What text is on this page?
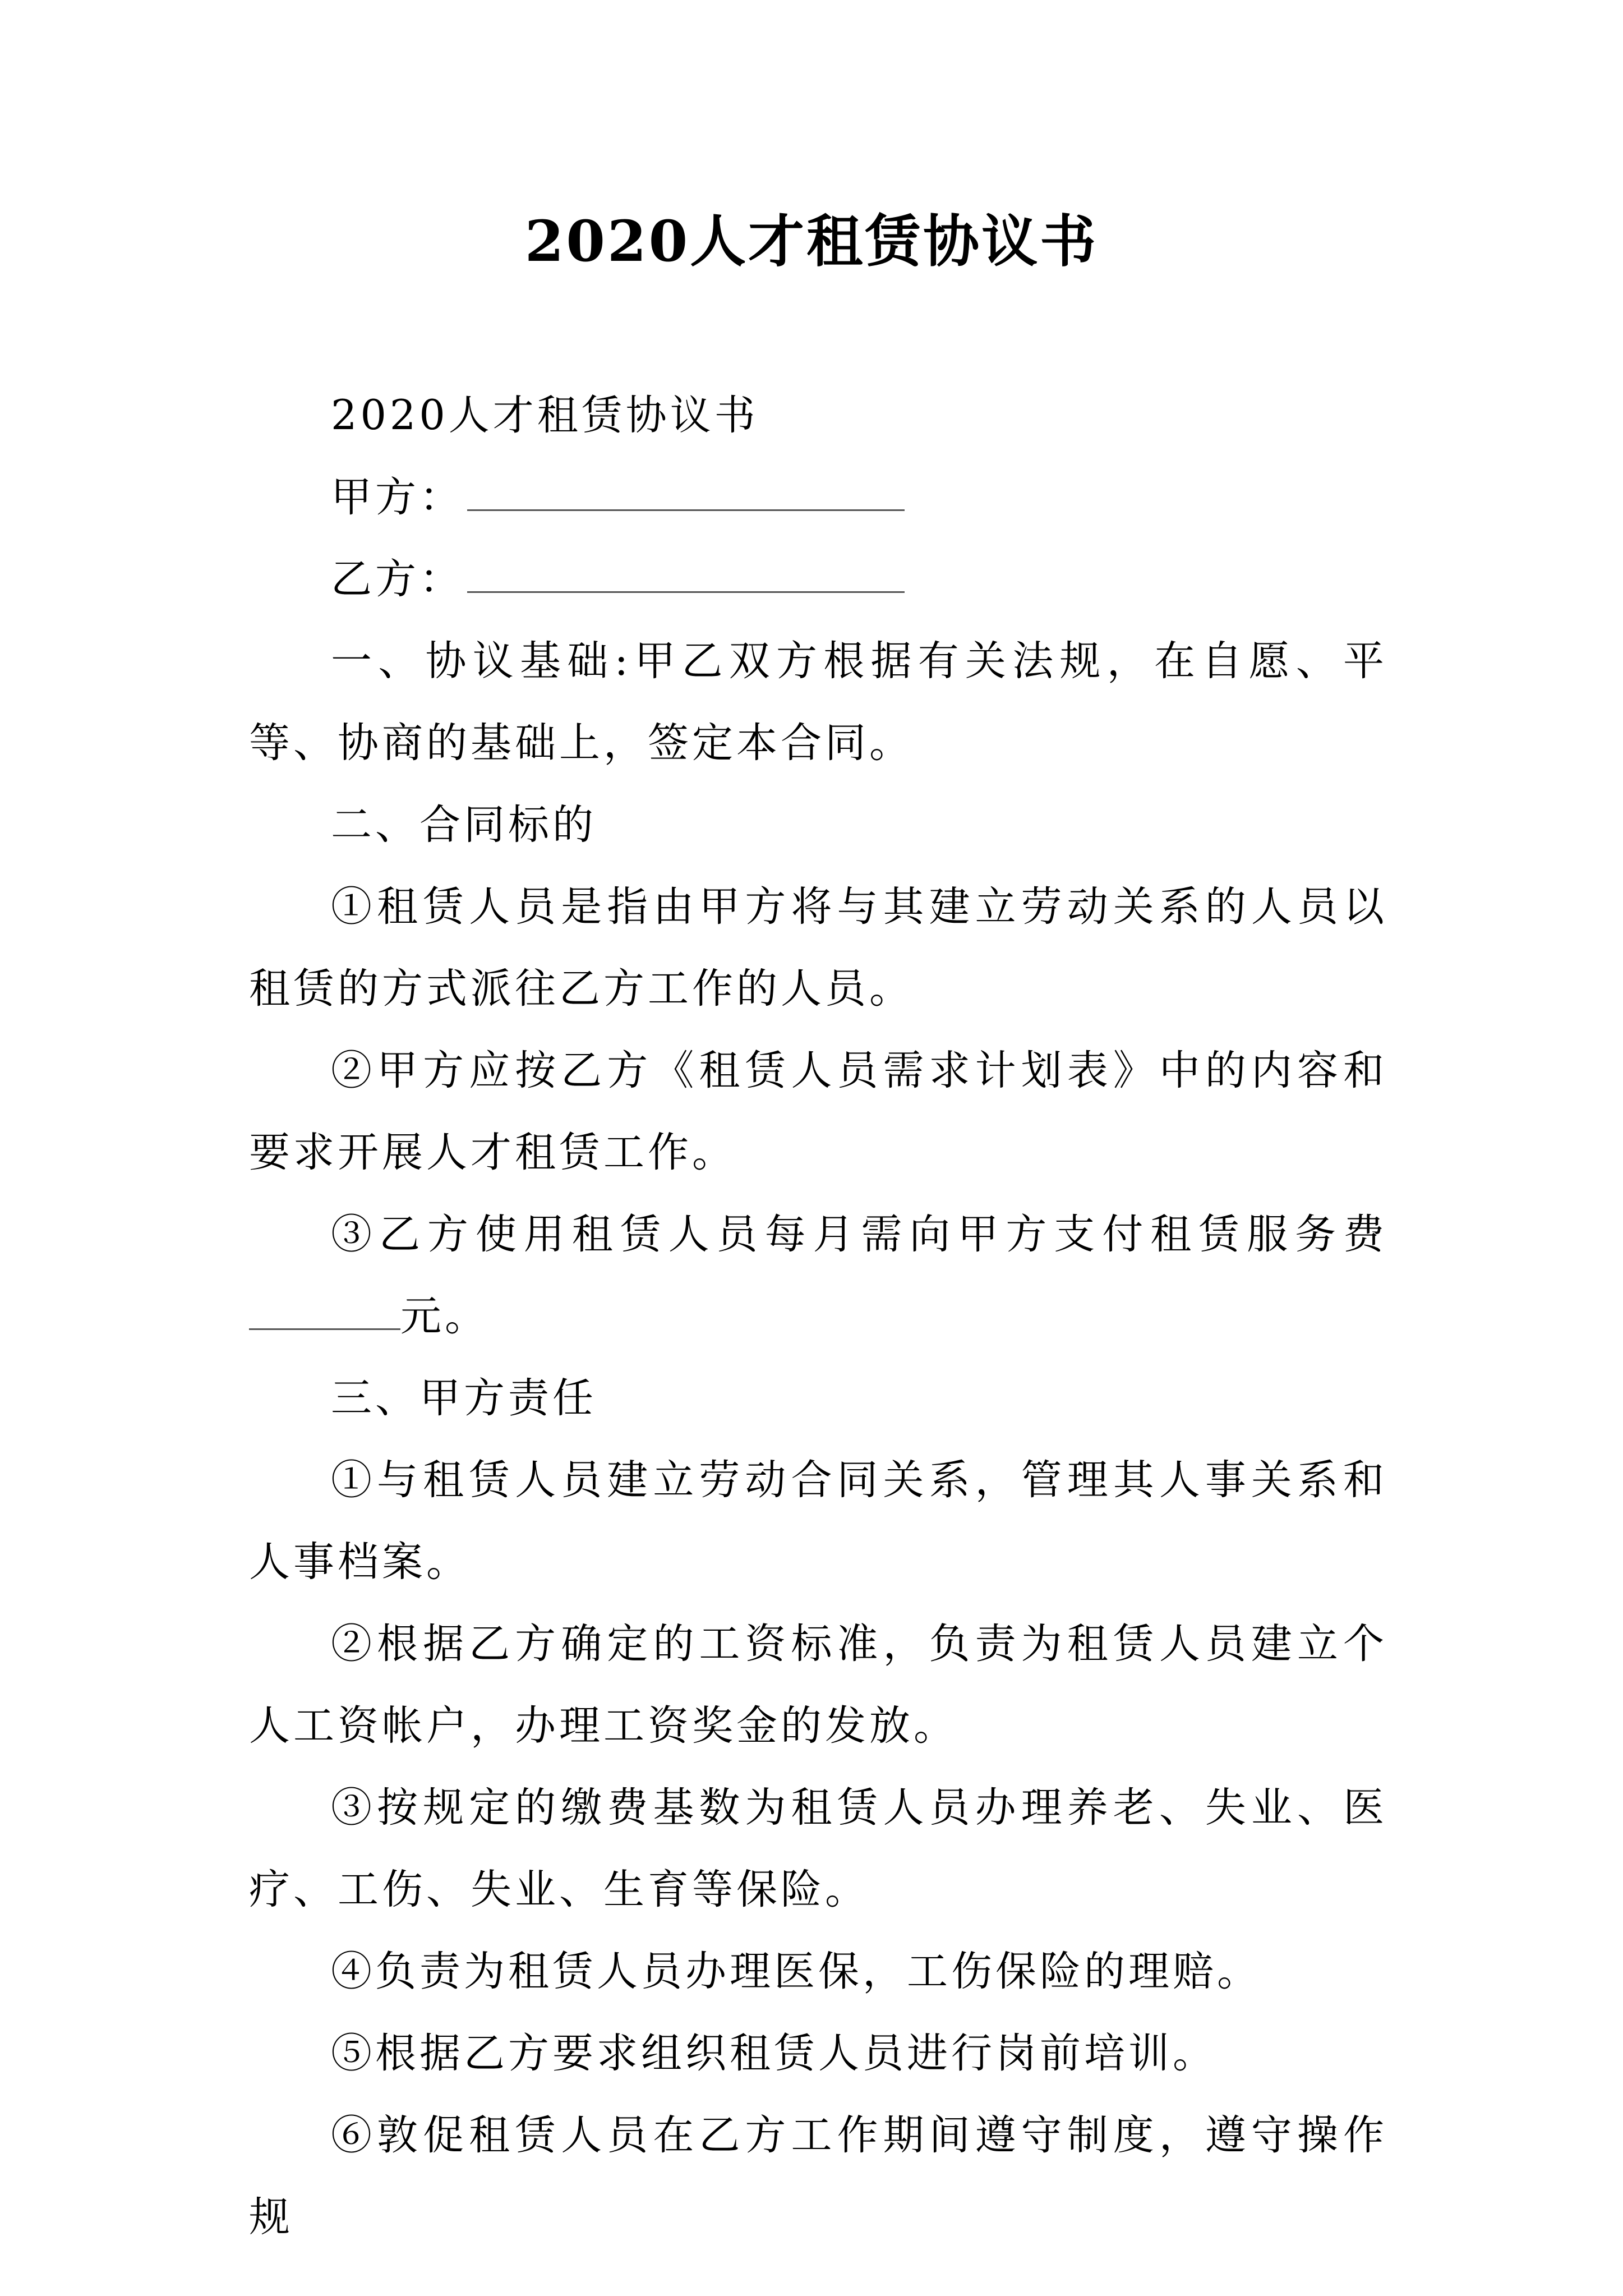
2020人才租赁协议书

2020人才租赁协议书

甲方：

乙方：

一、协议基础:甲乙双方根据有关法规，在自愿、平等、协商的基础上，签定本合同。

二、合同标的

①租赁人员是指由甲方将与其建立劳动关系的人员以租赁的方式派往乙方工作的人员。

②甲方应按乙方《租赁人员需求计划表》中的内容和要求开展人才租赁工作。

③乙方使用租赁人员每月需向甲方支付租赁服务费元。

三、甲方责任

①与租赁人员建立劳动合同关系，管理其人事关系和人事档案。

②根据乙方确定的工资标准，负责为租赁人员建立个人工资帐户，办理工资奖金的发放。

③按规定的缴费基数为租赁人员办理养老、失业、医疗、工伤、失业、生育等保险。

④负责为租赁人员办理医保，工伤保险的理赔。

⑤根据乙方要求组织租赁人员进行岗前培训。

⑥敦促租赁人员在乙方工作期间遵守制度，遵守操作规
